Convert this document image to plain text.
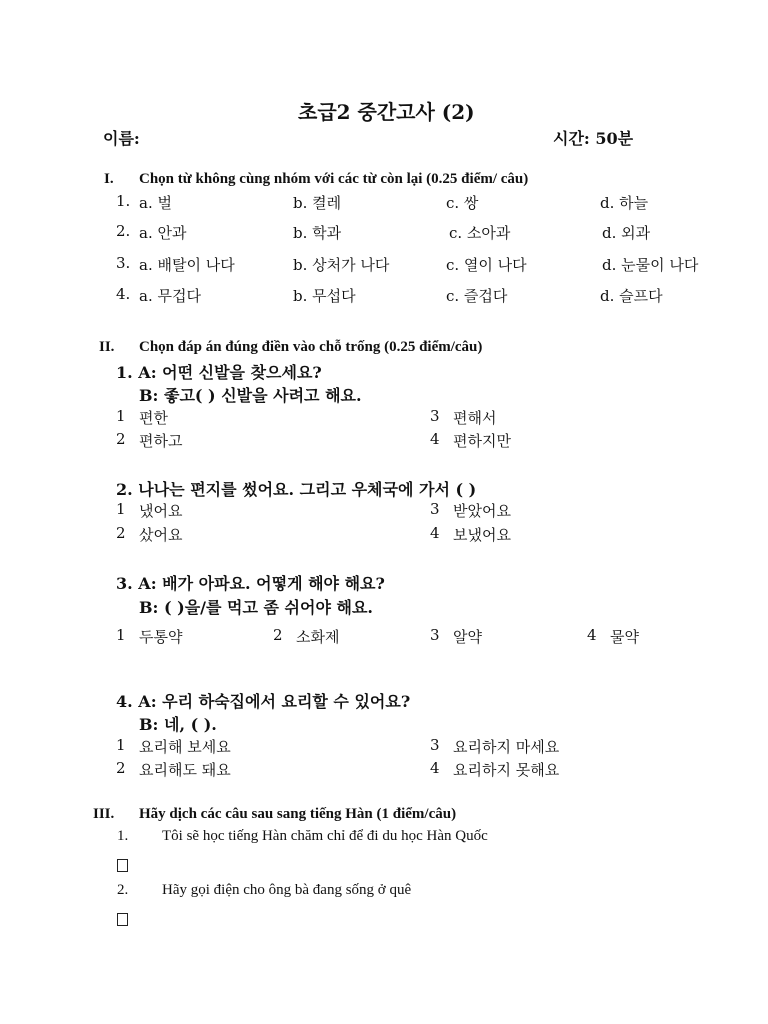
초급2 중간고사 (2)
이름:	시간: 50분
I. Chọn từ không cùng nhóm với các từ còn lại (0.25 điểm/ câu)
1. a. 벌	b. 켤레	c. 쌍	d. 하늘
2. a. 안과	b. 학과	c. 소아과	d. 외과
3. a. 배탈이 나다	b. 상처가 나다	c. 열이 나다	d. 눈물이 나다
4. a. 무겁다	b. 무섭다	c. 즐겁다	d. 슬프다
II. Chọn đáp án đúng điền vào chỗ trống (0.25 điểm/câu)
1. A: 어떤 신발을 찾으세요?
B: 좋고( ) 신발을 사려고 해요.
1 편한	3 편해서
2 편하고	4 편하지만
2. 나나는 편지를 썼어요. 그리고 우체국에 가서 ( )
1 냈어요	3 받았어요
2 샀어요	4 보냈어요
3. A: 배가 아파요. 어떻게 해야 해요?
B: ( )을/를 먹고 좀 쉬어야 해요.
1 두통약	2 소화제	3 알약	4 물약
4. A: 우리 하숙집에서 요리할 수 있어요?
B: 네, ( ).
1 요리해 보세요	3 요리하지 마세요
2 요리해도 돼요	4 요리하지 못해요
III. Hãy dịch các câu sau sang tiếng Hàn (1 điểm/câu)
1. Tôi sẽ học tiếng Hàn chăm chỉ để đi du học Hàn Quốc
2. Hãy gọi điện cho ông bà đang sống ở quê
